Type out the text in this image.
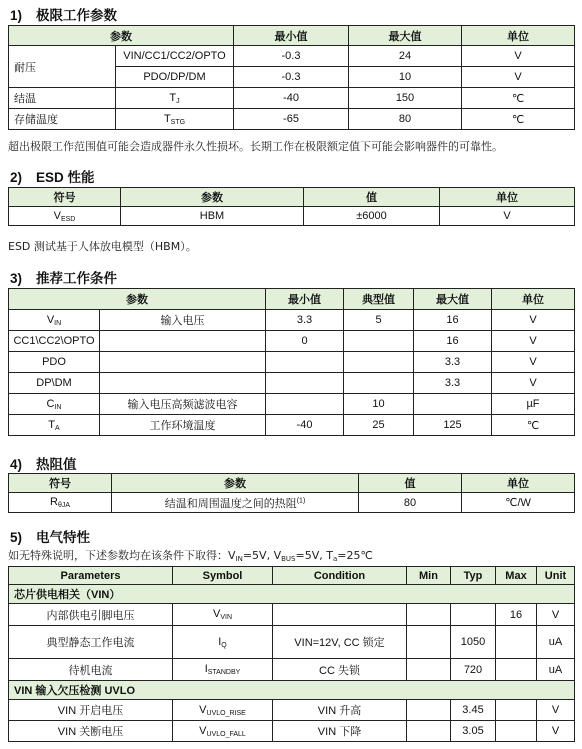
1) 极限工作参数
参数		最小值	最大值	单位
耐压	VIN/CC1/CC2/OPTO	-0.3	24	V
	PDO/DP/DM	-0.3	10	V
结温	$T_J$	-40	150	℃
存储温度	$T_{STG}$	-65	80	℃
超出极限工作范围值可能会造成器件永久性损坏。长期工作在极限额定值下可能会影响器件的可靠性。
2) ESD 性能
符号	参数	值	单位
$V_{ESD}$	HBM	±6000	V
ESD 测试基于人体放电模型（HBM）。
3) 推荐工作条件
参数		最小值	典型值	最大值	单位
$V_{IN}$	输入电压	3.3	5	16	V
CC1\CC2\OPTO		0		16	V
PDO				3.3	V
DP\DM				3.3	V
$C_{IN}$	输入电压高频滤波电容		10		µF
$T_A$	工作环境温度	-40	25	125	℃
4) 热阻值
符号	参数	值	单位
$R_{\theta JA}$	结温和周围温度之间的热阻$^{(1)}$	80	℃/W
5) 电气特性
如无特殊说明，下述参数均在该条件下取得：$V_{IN}=5V$, $V_{BUS}=5V$, $T_a=25℃$
Parameters	Symbol	Condition	Min	Typ	Max	Unit
芯片供电相关（VIN）						
内部供电引脚电压	$V_{VIN}$				16	V
典型静态工作电流	$I_Q$	VIN=12V, CC 锁定		1050		uA
待机电流	$I_{STANDBY}$	CC 失锁		720		uA
VIN 输入欠压检测 UVLO						
VIN 开启电压	$V_{UVLO\_RISE}$	VIN 升高		3.45		V
VIN 关断电压	$V_{UVLO\_FALL}$	VIN 下降		3.05		V
